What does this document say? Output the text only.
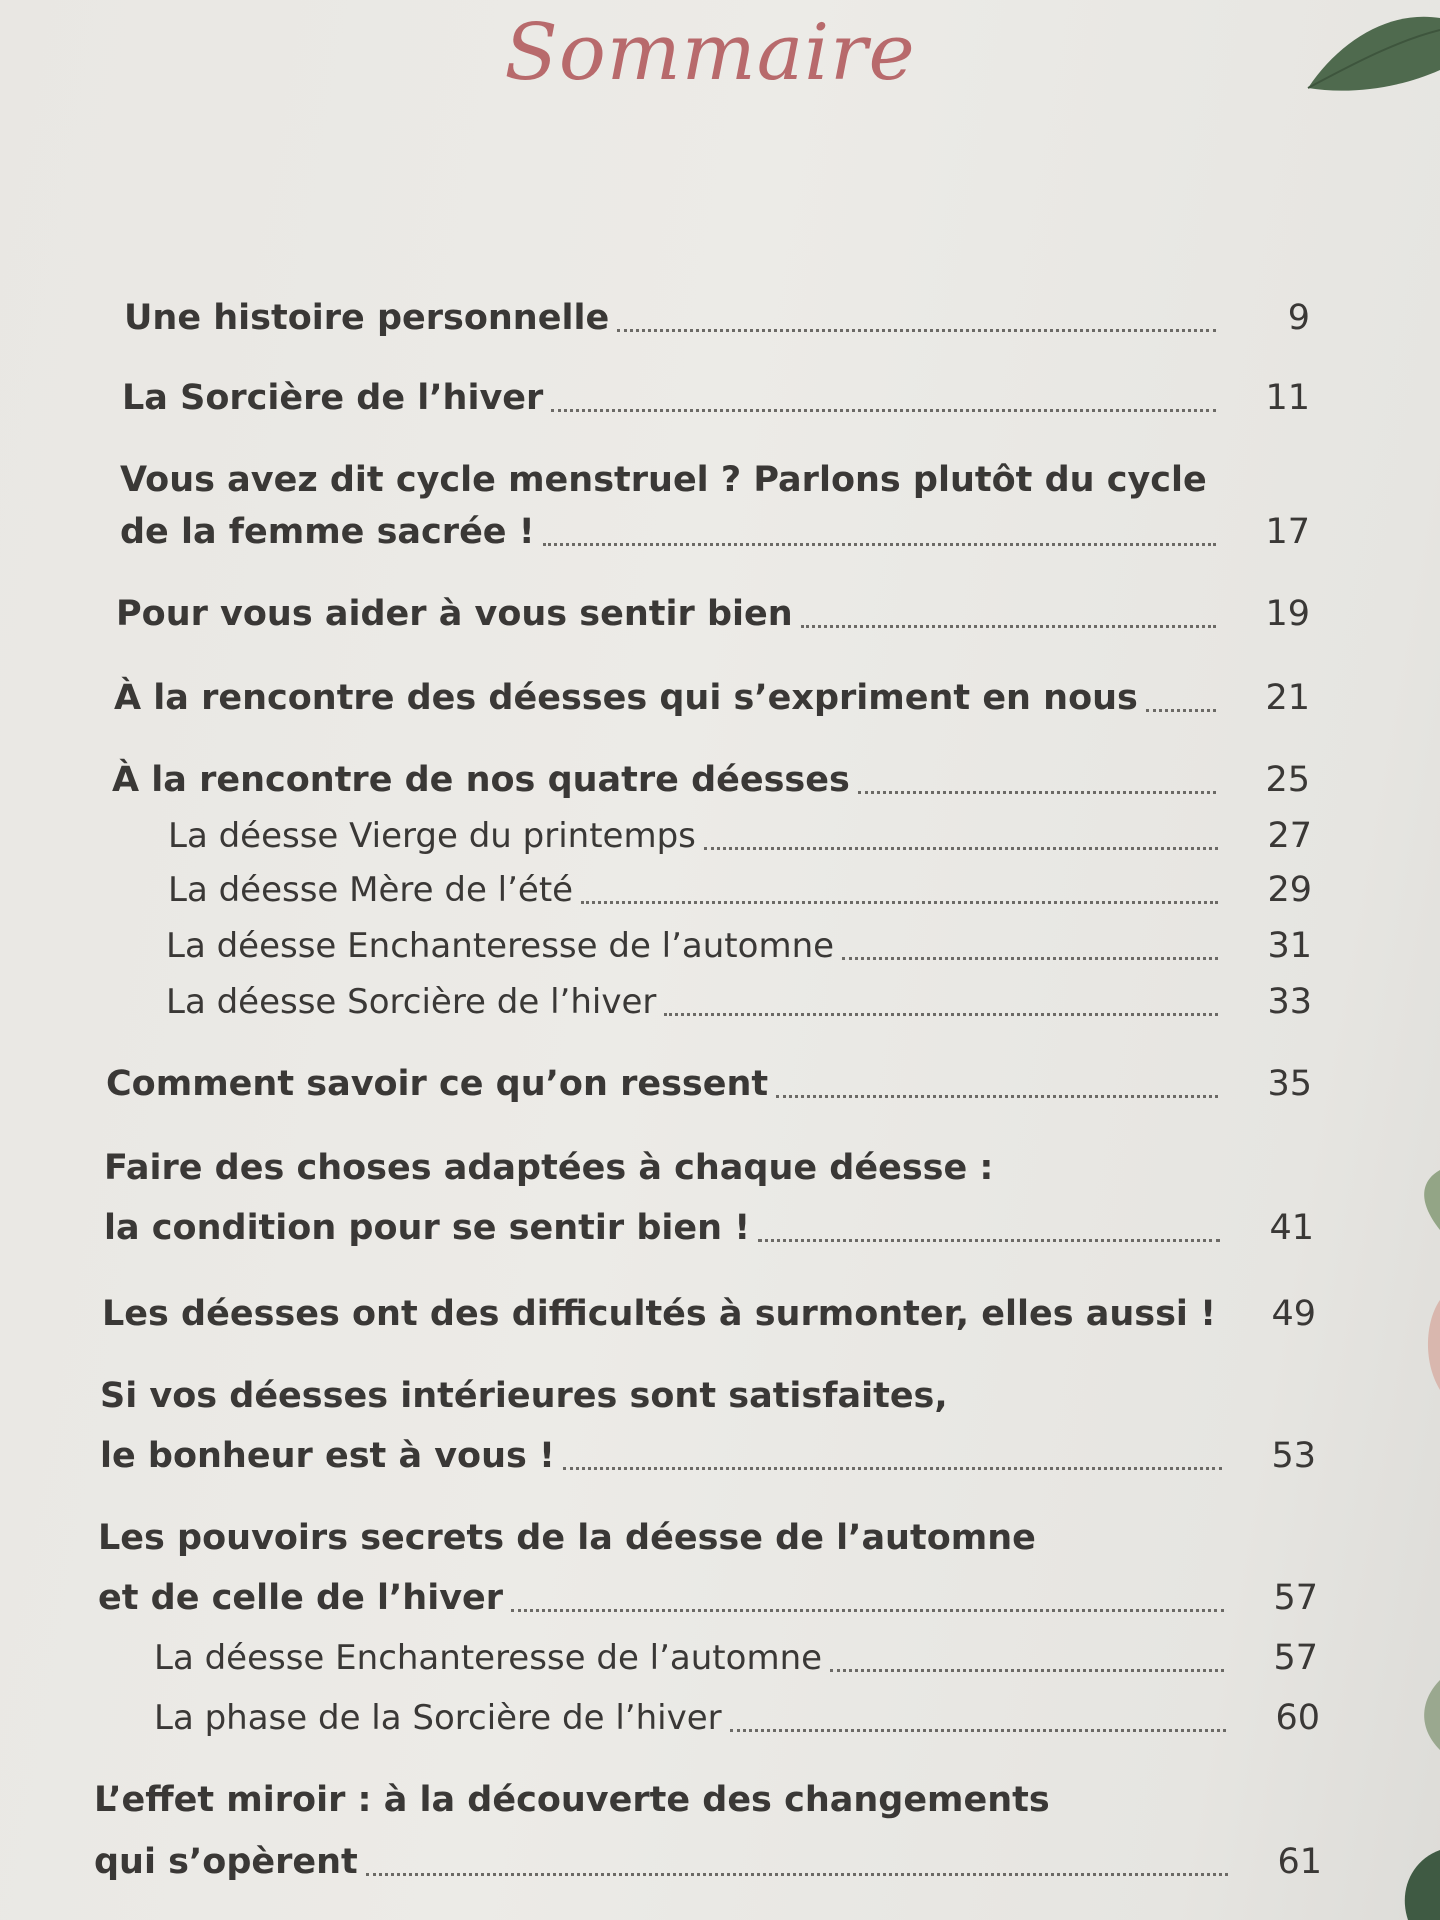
Sommaire
Une histoire personnelle	9
La Sorcière de l’hiver	11
Vous avez dit cycle menstruel ? Parlons plutôt du cycle
de la femme sacrée !	17
Pour vous aider à vous sentir bien	19
À la rencontre des déesses qui s’expriment en nous	21
À la rencontre de nos quatre déesses	25
La déesse Vierge du printemps	27
La déesse Mère de l’été	29
La déesse Enchanteresse de l’automne	31
La déesse Sorcière de l’hiver	33
Comment savoir ce qu’on ressent	35
Faire des choses adaptées à chaque déesse :
la condition pour se sentir bien !	41
Les déesses ont des difficultés à surmonter, elles aussi !	49
Si vos déesses intérieures sont satisfaites,
le bonheur est à vous !	53
Les pouvoirs secrets de la déesse de l’automne
et de celle de l’hiver	57
La déesse Enchanteresse de l’automne	57
La phase de la Sorcière de l’hiver	60
L’effet miroir : à la découverte des changements
qui s’opèrent	61
